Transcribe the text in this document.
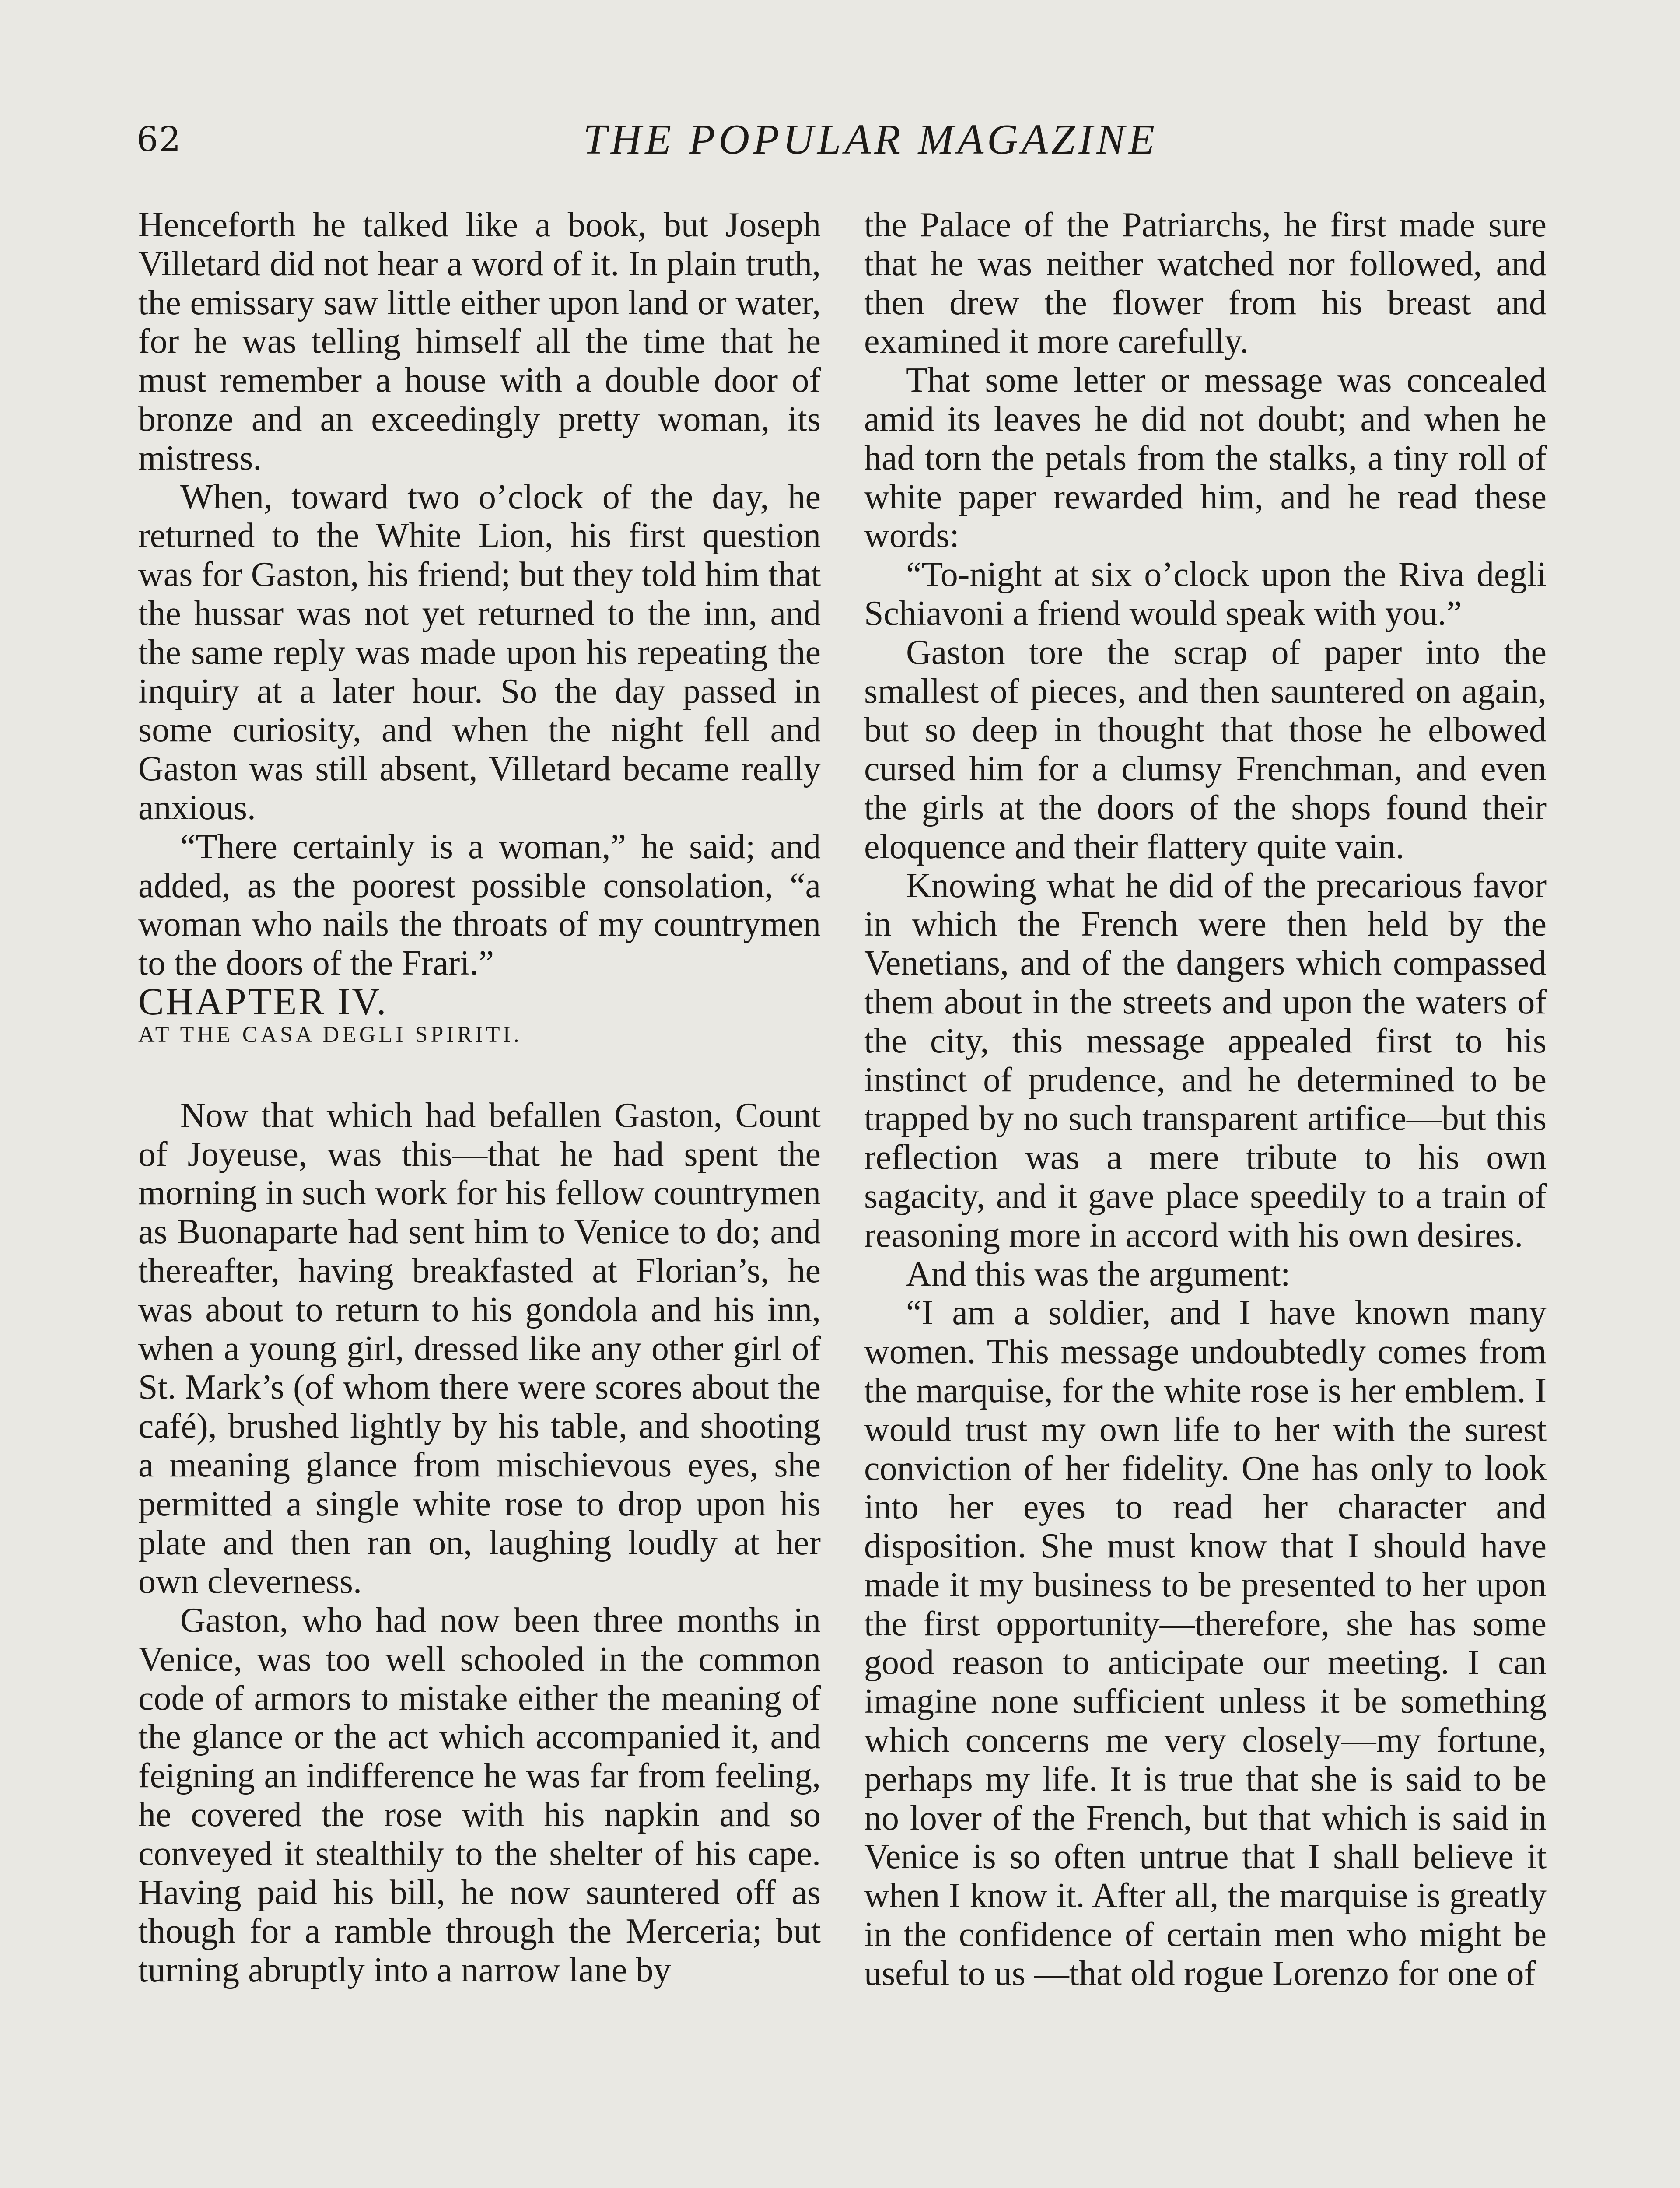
62	THE POPULAR MAGAZINE

Henceforth he talked like a book, but Joseph Villetard did not hear a word of it. In plain truth, the emissary saw little either upon land or water, for he was telling himself all the time that he must remember a house with a double door of bronze and an exceedingly pretty woman, its mistress.

When, toward two o’clock of the day, he returned to the White Lion, his first question was for Gaston, his friend; but they told him that the hussar was not yet returned to the inn, and the same reply was made upon his repeating the inquiry at a later hour. So the day passed in some curiosity, and when the night fell and Gaston was still absent, Villetard became really anxious.

“There certainly is a woman,” he said; and added, as the poorest possible consolation, “a woman who nails the throats of my countrymen to the doors of the Frari.”

CHAPTER IV.

AT THE CASA DEGLI SPIRITI.

Now that which had befallen Gaston, Count of Joyeuse, was this—that he had spent the morning in such work for his fellow countrymen as Buonaparte had sent him to Venice to do; and thereafter, having breakfasted at Florian’s, he was about to return to his gondola and his inn, when a young girl, dressed like any other girl of St. Mark’s (of whom there were scores about the café), brushed lightly by his table, and shooting a meaning glance from mischievous eyes, she permitted a single white rose to drop upon his plate and then ran on, laughing loudly at her own cleverness.

Gaston, who had now been three months in Venice, was too well schooled in the common code of armors to mistake either the meaning of the glance or the act which accompanied it, and feigning an indifference he was far from feeling, he covered the rose with his napkin and so conveyed it stealthily to the shelter of his cape. Having paid his bill, he now sauntered off as though for a ramble through the Merceria; but turning abruptly into a narrow lane by

the Palace of the Patriarchs, he first made sure that he was neither watched nor followed, and then drew the flower from his breast and examined it more carefully.

That some letter or message was concealed amid its leaves he did not doubt; and when he had torn the petals from the stalks, a tiny roll of white paper rewarded him, and he read these words:

“To-night at six o’clock upon the Riva degli Schiavoni a friend would speak with you.”

Gaston tore the scrap of paper into the smallest of pieces, and then sauntered on again, but so deep in thought that those he elbowed cursed him for a clumsy Frenchman, and even the girls at the doors of the shops found their eloquence and their flattery quite vain.

Knowing what he did of the precarious favor in which the French were then held by the Venetians, and of the dangers which compassed them about in the streets and upon the waters of the city, this message appealed first to his instinct of prudence, and he determined to be trapped by no such transparent artifice—but this reflection was a mere tribute to his own sagacity, and it gave place speedily to a train of reasoning more in accord with his own desires.

And this was the argument:

“I am a soldier, and I have known many women. This message undoubtedly comes from the marquise, for the white rose is her emblem. I would trust my own life to her with the surest conviction of her fidelity. One has only to look into her eyes to read her character and disposition. She must know that I should have made it my business to be presented to her upon the first opportunity—therefore, she has some good reason to anticipate our meeting. I can imagine none sufficient unless it be something which concerns me very closely—my fortune, perhaps my life. It is true that she is said to be no lover of the French, but that which is said in Venice is so often untrue that I shall believe it when I know it. After all, the marquise is greatly in the confidence of certain men who might be useful to us —that old rogue Lorenzo for one of
